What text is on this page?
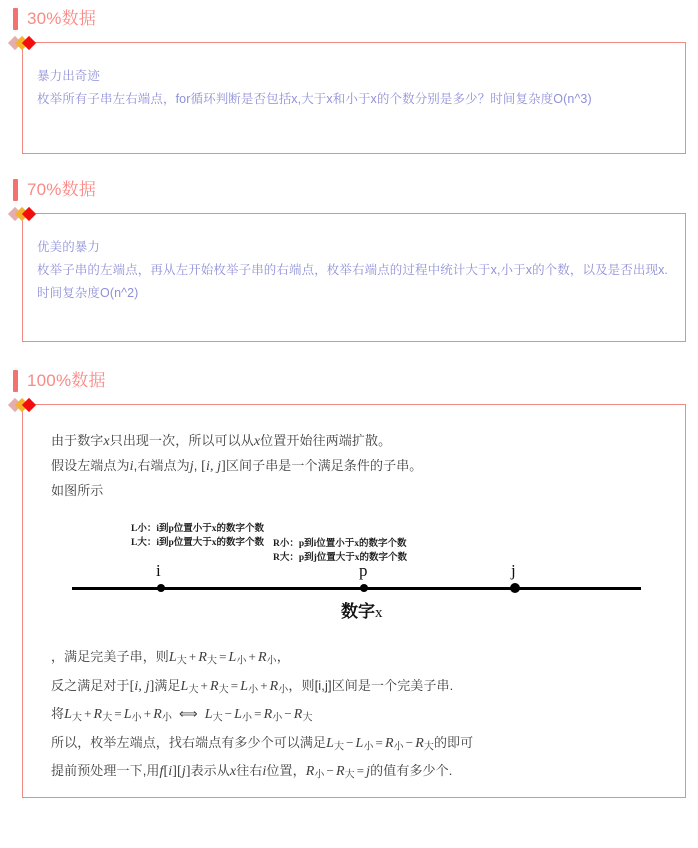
30%数据
暴力出奇迹
枚举所有子串左右端点，for循环判断是否包括x,大于x和小于x的个数分别是多少？时间复杂度O(n^3)
70%数据
优美的暴力
枚举子串的左端点，再从左开始枚举子串的右端点，枚举右端点的过程中统计大于x,小于x的个数，以及是否出现x.
时间复杂度O(n^2)
100%数据
由于数字x只出现一次，所以可以从x位置开始往两端扩散。
假设左端点为i,右端点为j, [i, j]区间子串是一个满足条件的子串。
如图所示
L小：i到p位置小于x的数字个数
L大：i到p位置大于x的数字个数 R小：p到i位置小于x的数字个数
R大：p到j位置大于x的数字个数
i	p	j
数字x
，满足完美子串，则L大 + R大 = L小 + R小，
反之满足对于[i, j]满足L大 + R大 = L小 + R小，则[i,j]区间是一个完美子串.
将L大 + R大 = L小 + R小 ⟺ L大 − L小 = R小 − R大
所以，枚举左端点，找右端点有多少个可以满足L大 − L小 = R小 − R大的即可
提前预处理一下,用f[i][j]表示从x往右i位置，R小 − R大 = j的值有多少个.
